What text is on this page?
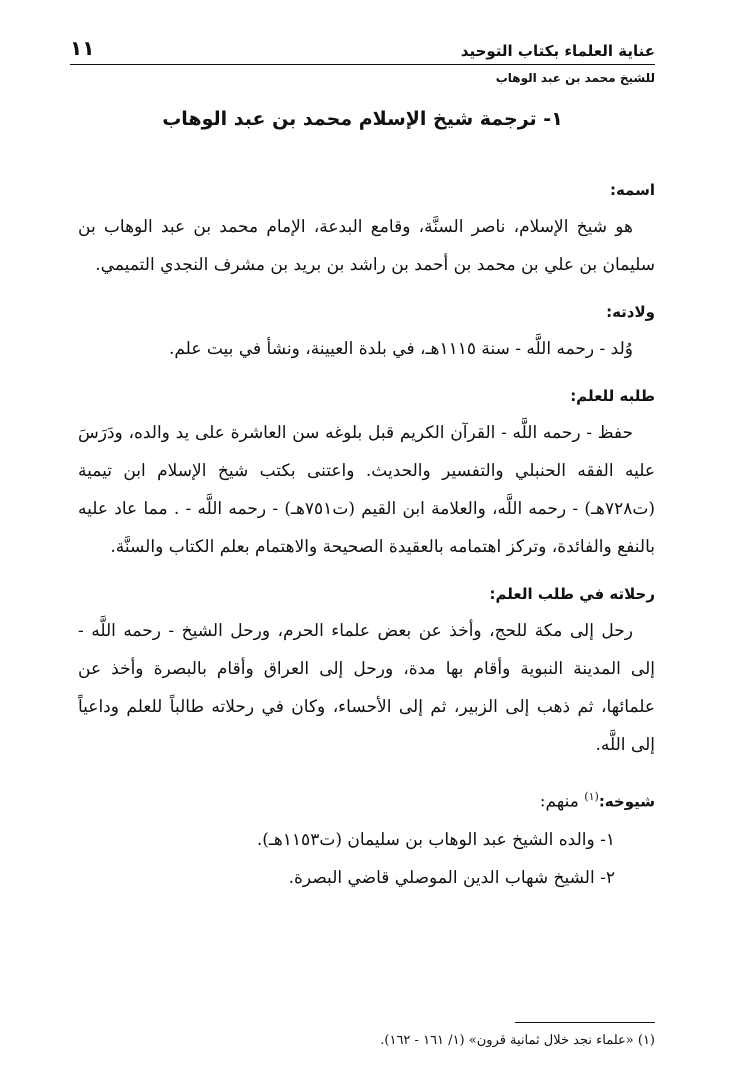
عناية العلماء بكتاب التوحيد
للشيخ محمد بن عبد الوهاب
١١
١- ترجمة شيخ الإسلام محمد بن عبد الوهاب
اسمه:

هو شيخ الإسلام، ناصر السنَّة، وقامع البدعة، الإمام محمد بن عبد الوهاب بن سليمان بن علي بن محمد بن أحمد بن راشد بن بريد بن مشرف النجدي التميمي.

ولادته:

وُلد - رحمه اللَّه - سنة ١١١٥هـ، في بلدة العيينة، ونشأ في بيت علم.

طلبه للعلم:

حفظ - رحمه اللَّه - القرآن الكريم قبل بلوغه سن العاشرة على يد والده، ودَرَسَ عليه الفقه الحنبلي والتفسير والحديث. واعتنى بكتب شيخ الإسلام ابن تيمية (ت٧٢٨هـ) - رحمه اللَّه، والعلامة ابن القيم (ت٧٥١هـ) - رحمه اللَّه - . مما عاد عليه بالنفع والفائدة، وتركز اهتمامه بالعقيدة الصحيحة والاهتمام بعلم الكتاب والسنَّة.

رحلاته في طلب العلم:

رحل إلى مكة للحج، وأخذ عن بعض علماء الحرم، ورحل الشيخ - رحمه اللَّه - إلى المدينة النبوية وأقام بها مدة، ورحل إلى العراق وأقام بالبصرة وأخذ عن علمائها، ثم ذهب إلى الزبير، ثم إلى الأحساء، وكان في رحلاته طالباً للعلم وداعياً إلى اللَّه.

شيوخه:$^{(١)}$ منهم:

١- والده الشيخ عبد الوهاب بن سليمان (ت١١٥٣هـ).

٢- الشيخ شهاب الدين الموصلي قاضي البصرة.

(١) «علماء نجد خلال ثمانية قرون» (١/ ١٦١ - ١٦٢).
